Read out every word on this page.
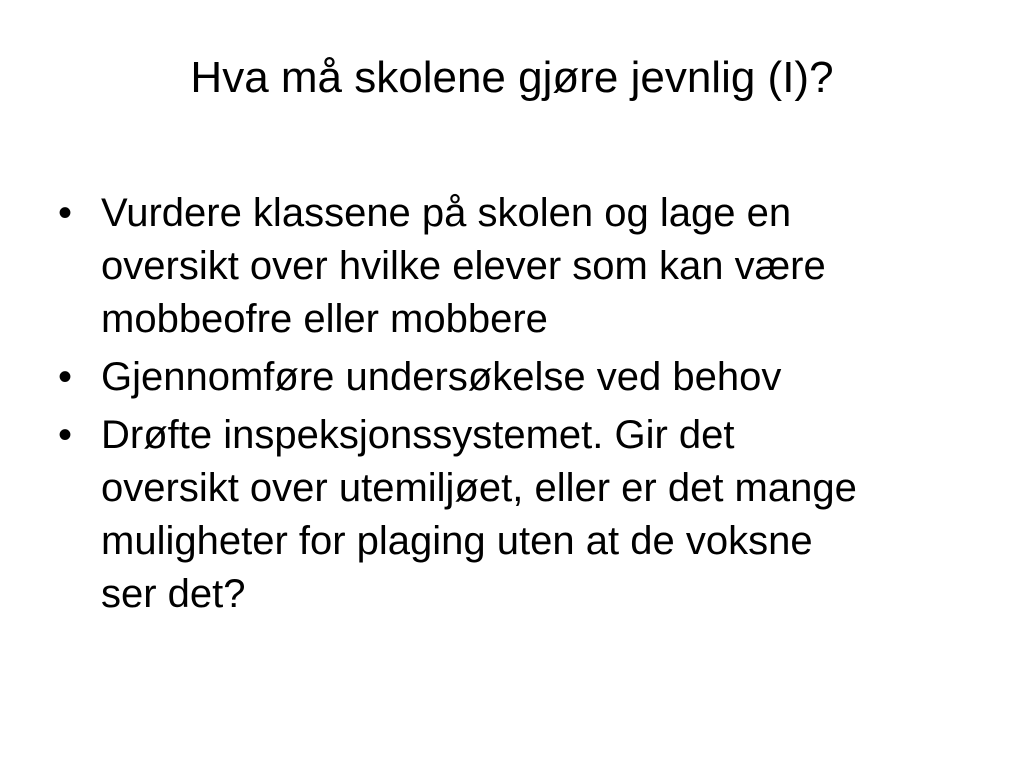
Hva må skolene gjøre jevnlig (I)?
• Vurdere klassene på skolen og lage en
oversikt over hvilke elever som kan være
mobbeofre eller mobbere
• Gjennomføre undersøkelse ved behov
• Drøfte inspeksjonssystemet. Gir det
oversikt over utemiljøet, eller er det mange
muligheter for plaging uten at de voksne
ser det?
